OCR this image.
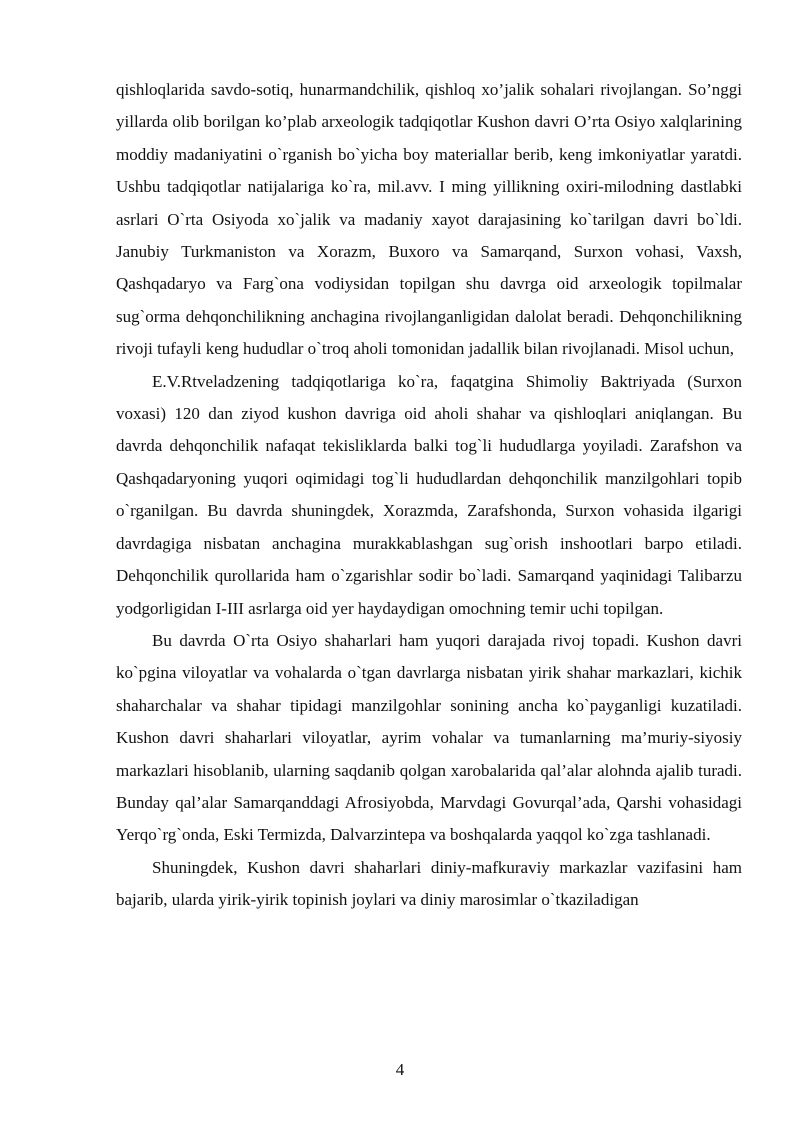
qishloqlarida savdo-sotiq, hunarmandchilik, qishloq xo’jalik sohalari rivojlangan. So’nggi yillarda olib borilgan ko’plab arxeologik tadqiqotlar Kushon davri O’rta Osiyo xalqlarining moddiy madaniyatini o`rganish bo`yicha boy materiallar berib, keng imkoniyatlar yaratdi. Ushbu tadqiqotlar natijalariga ko`ra, mil.avv. I ming yillikning oxiri-milodning dastlabki asrlari O`rta Osiyoda xo`jalik va madaniy xayot darajasining ko`tarilgan davri bo`ldi. Janubiy Turkmaniston va Xorazm, Buxoro va Samarqand, Surxon vohasi, Vaxsh, Qashqadaryo va Farg`ona vodiysidan topilgan shu davrga oid arxeologik topilmalar sug`orma dehqonchilikning anchagina rivojlanganligidan dalolat beradi. Dehqonchilikning rivoji tufayli keng hududlar o`troq aholi tomonidan jadallik bilan rivojlanadi. Misol uchun,

E.V.Rtveladzening tadqiqotlariga ko`ra, faqatgina Shimoliy Baktriyada (Surxon voxasi) 120 dan ziyod kushon davriga oid aholi shahar va qishloqlari aniqlangan. Bu davrda dehqonchilik nafaqat tekisliklarda balki tog`li hududlarga yoyiladi. Zarafshon va Qashqadaryoning yuqori oqimidagi tog`li hududlardan dehqonchilik manzilgohlari topib o`rganilgan. Bu davrda shuningdek, Xorazmda, Zarafshonda, Surxon vohasida ilgarigi davrdagiga nisbatan anchagina murakkablashgan sug`orish inshootlari barpo etiladi. Dehqonchilik qurollarida ham o`zgarishlar sodir bo`ladi. Samarqand yaqinidagi Talibarzu yodgorligidan I-III asrlarga oid yer haydaydigan omochning temir uchi topilgan.

Bu davrda O`rta Osiyo shaharlari ham yuqori darajada rivoj topadi. Kushon davri ko`pgina viloyatlar va vohalarda o`tgan davrlarga nisbatan yirik shahar markazlari, kichik shaharchalar va shahar tipidagi manzilgohlar sonining ancha ko`payganligi kuzatiladi. Kushon davri shaharlari viloyatlar, ayrim vohalar va tumanlarning ma’muriy-siyosiy markazlari hisoblanib, ularning saqdanib qolgan xarobalarida qal’alar alohnda ajalib turadi. Bunday qal’alar Samarqanddagi Afrosiyobda, Marvdagi Govurqal’ada, Qarshi vohasidagi Yerqo`rg`onda, Eski Termizda, Dalvarzintepa va boshqalarda yaqqol ko`zga tashlanadi.

Shuningdek, Kushon davri shaharlari diniy-mafkuraviy markazlar vazifasini ham bajarib, ularda yirik-yirik topinish joylari va diniy marosimlar o`tkaziladigan

4
